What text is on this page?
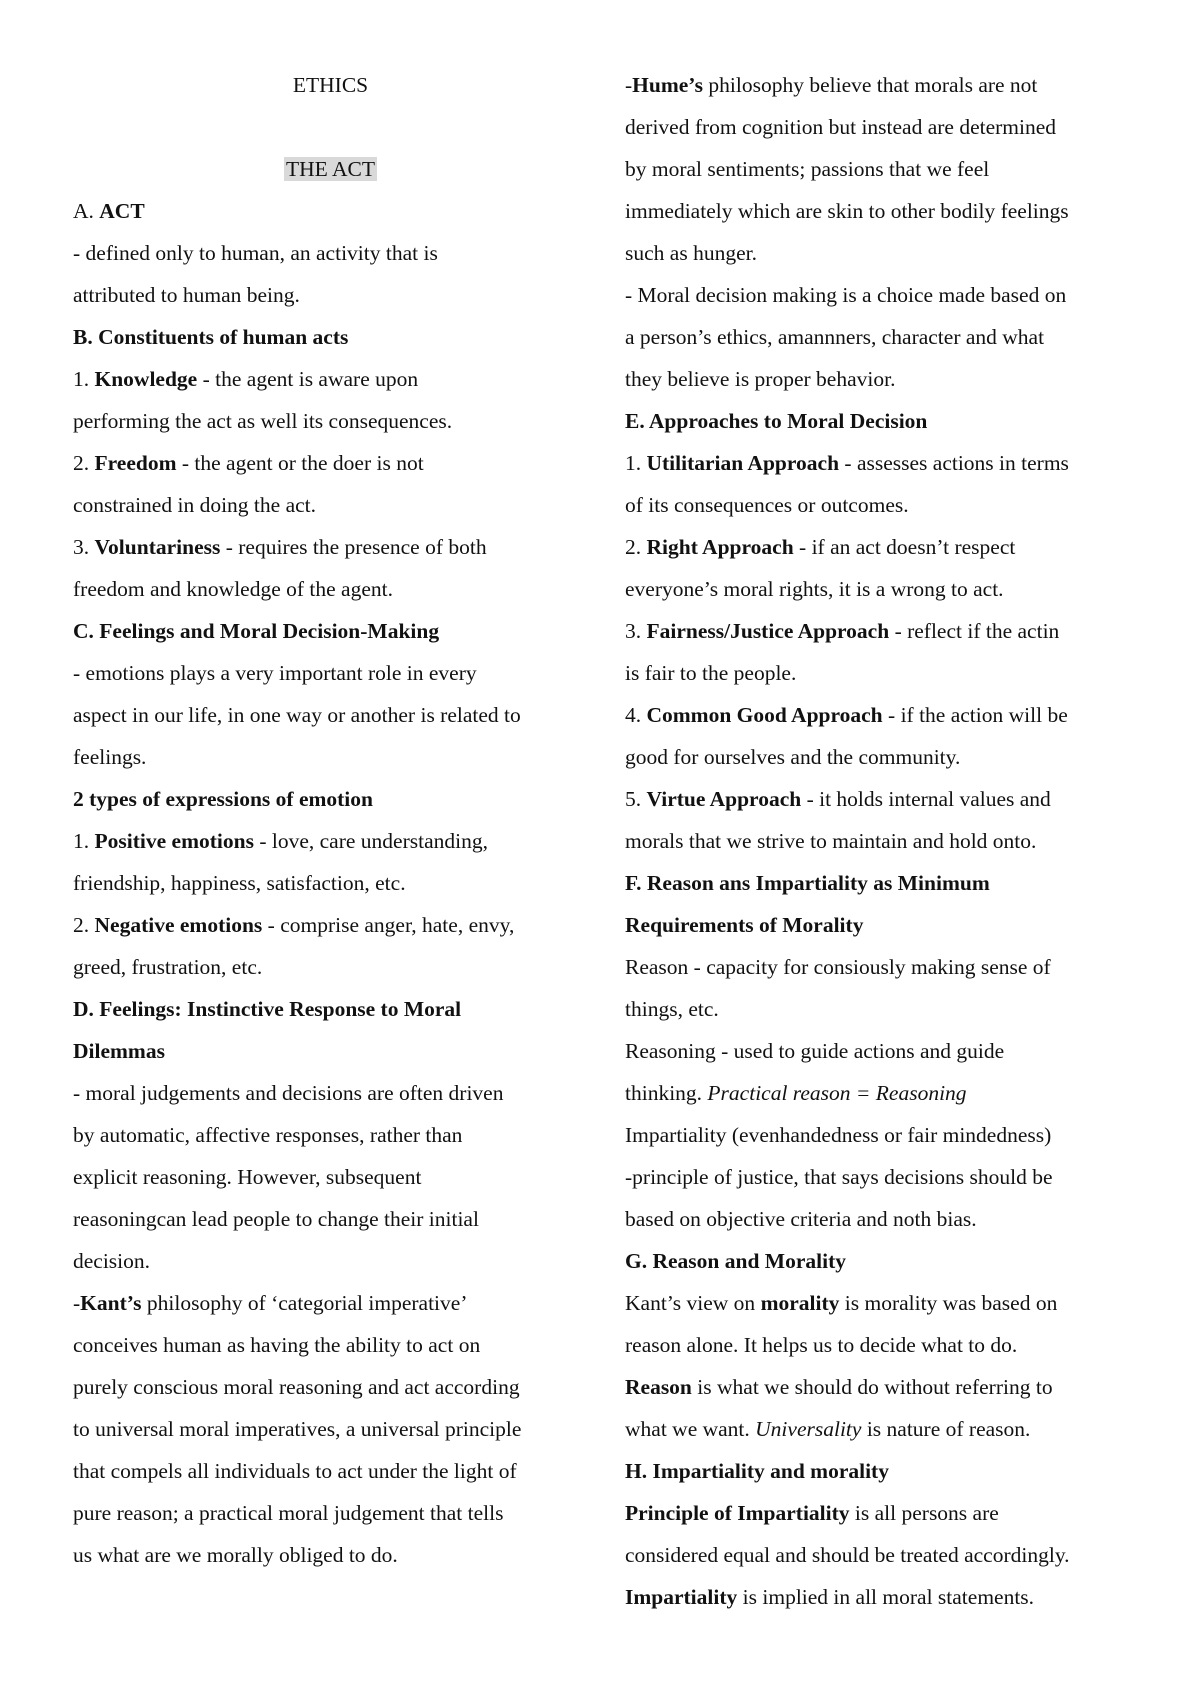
ETHICS
THE ACT
A. ACT
- defined only to human, an activity that is
attributed to human being.
B. Constituents of human acts
1. Knowledge - the agent is aware upon
performing the act as well its consequences.
2. Freedom - the agent or the doer is not
constrained in doing the act.
3. Voluntariness - requires the presence of both
freedom and knowledge of the agent.
C. Feelings and Moral Decision-Making
- emotions plays a very important role in every
aspect in our life, in one way or another is related to
feelings.
2 types of expressions of emotion
1. Positive emotions - love, care understanding,
friendship, happiness, satisfaction, etc.
2. Negative emotions - comprise anger, hate, envy,
greed, frustration, etc.
D. Feelings: Instinctive Response to Moral
Dilemmas
- moral judgements and decisions are often driven
by automatic, affective responses, rather than
explicit reasoning. However, subsequent
reasoningcan lead people to change their initial
decision.
-Kant’s philosophy of ‘categorial imperative’
conceives human as having the ability to act on
purely conscious moral reasoning and act according
to universal moral imperatives, a universal principle
that compels all individuals to act under the light of
pure reason; a practical moral judgement that tells
us what are we morally obliged to do.
-Hume’s philosophy believe that morals are not
derived from cognition but instead are determined
by moral sentiments; passions that we feel
immediately which are skin to other bodily feelings
such as hunger.
- Moral decision making is a choice made based on
a person’s ethics, amannners, character and what
they believe is proper behavior.
E. Approaches to Moral Decision
1. Utilitarian Approach - assesses actions in terms
of its consequences or outcomes.
2. Right Approach - if an act doesn’t respect
everyone’s moral rights, it is a wrong to act.
3. Fairness/Justice Approach - reflect if the actin
is fair to the people.
4. Common Good Approach - if the action will be
good for ourselves and the community.
5. Virtue Approach - it holds internal values and
morals that we strive to maintain and hold onto.
F. Reason ans Impartiality as Minimum
Requirements of Morality
Reason - capacity for consiously making sense of
things, etc.
Reasoning - used to guide actions and guide
thinking. Practical reason = Reasoning
Impartiality (evenhandedness or fair mindedness)
-principle of justice, that says decisions should be
based on objective criteria and noth bias.
G. Reason and Morality
Kant’s view on morality is morality was based on
reason alone. It helps us to decide what to do.
Reason is what we should do without referring to
what we want. Universality is nature of reason.
H. Impartiality and morality
Principle of Impartiality is all persons are
considered equal and should be treated accordingly.
Impartiality is implied in all moral statements.
